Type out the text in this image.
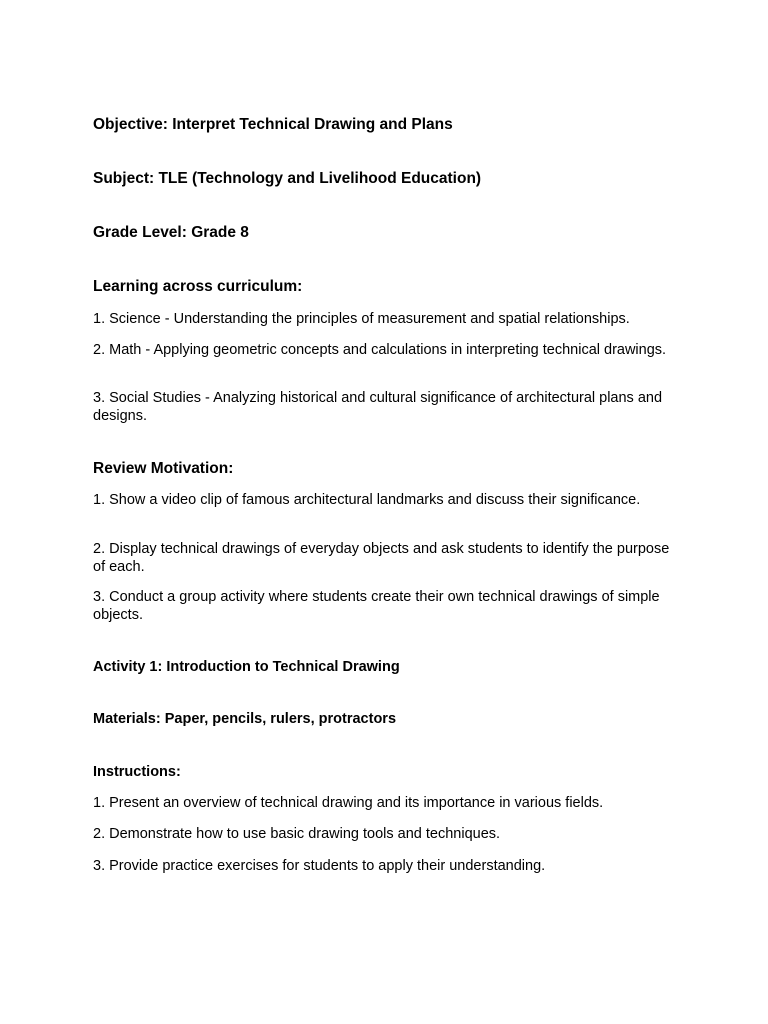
Objective: Interpret Technical Drawing and Plans
Subject: TLE (Technology and Livelihood Education)
Grade Level: Grade 8
Learning across curriculum:
1. Science - Understanding the principles of measurement and spatial relationships.
2. Math - Applying geometric concepts and calculations in interpreting technical drawings.
3. Social Studies - Analyzing historical and cultural significance of architectural plans and designs.
Review Motivation:
1. Show a video clip of famous architectural landmarks and discuss their significance.
2. Display technical drawings of everyday objects and ask students to identify the purpose of each.
3. Conduct a group activity where students create their own technical drawings of simple objects.
Activity 1: Introduction to Technical Drawing
Materials: Paper, pencils, rulers, protractors
Instructions:
1. Present an overview of technical drawing and its importance in various fields.
2. Demonstrate how to use basic drawing tools and techniques.
3. Provide practice exercises for students to apply their understanding.
